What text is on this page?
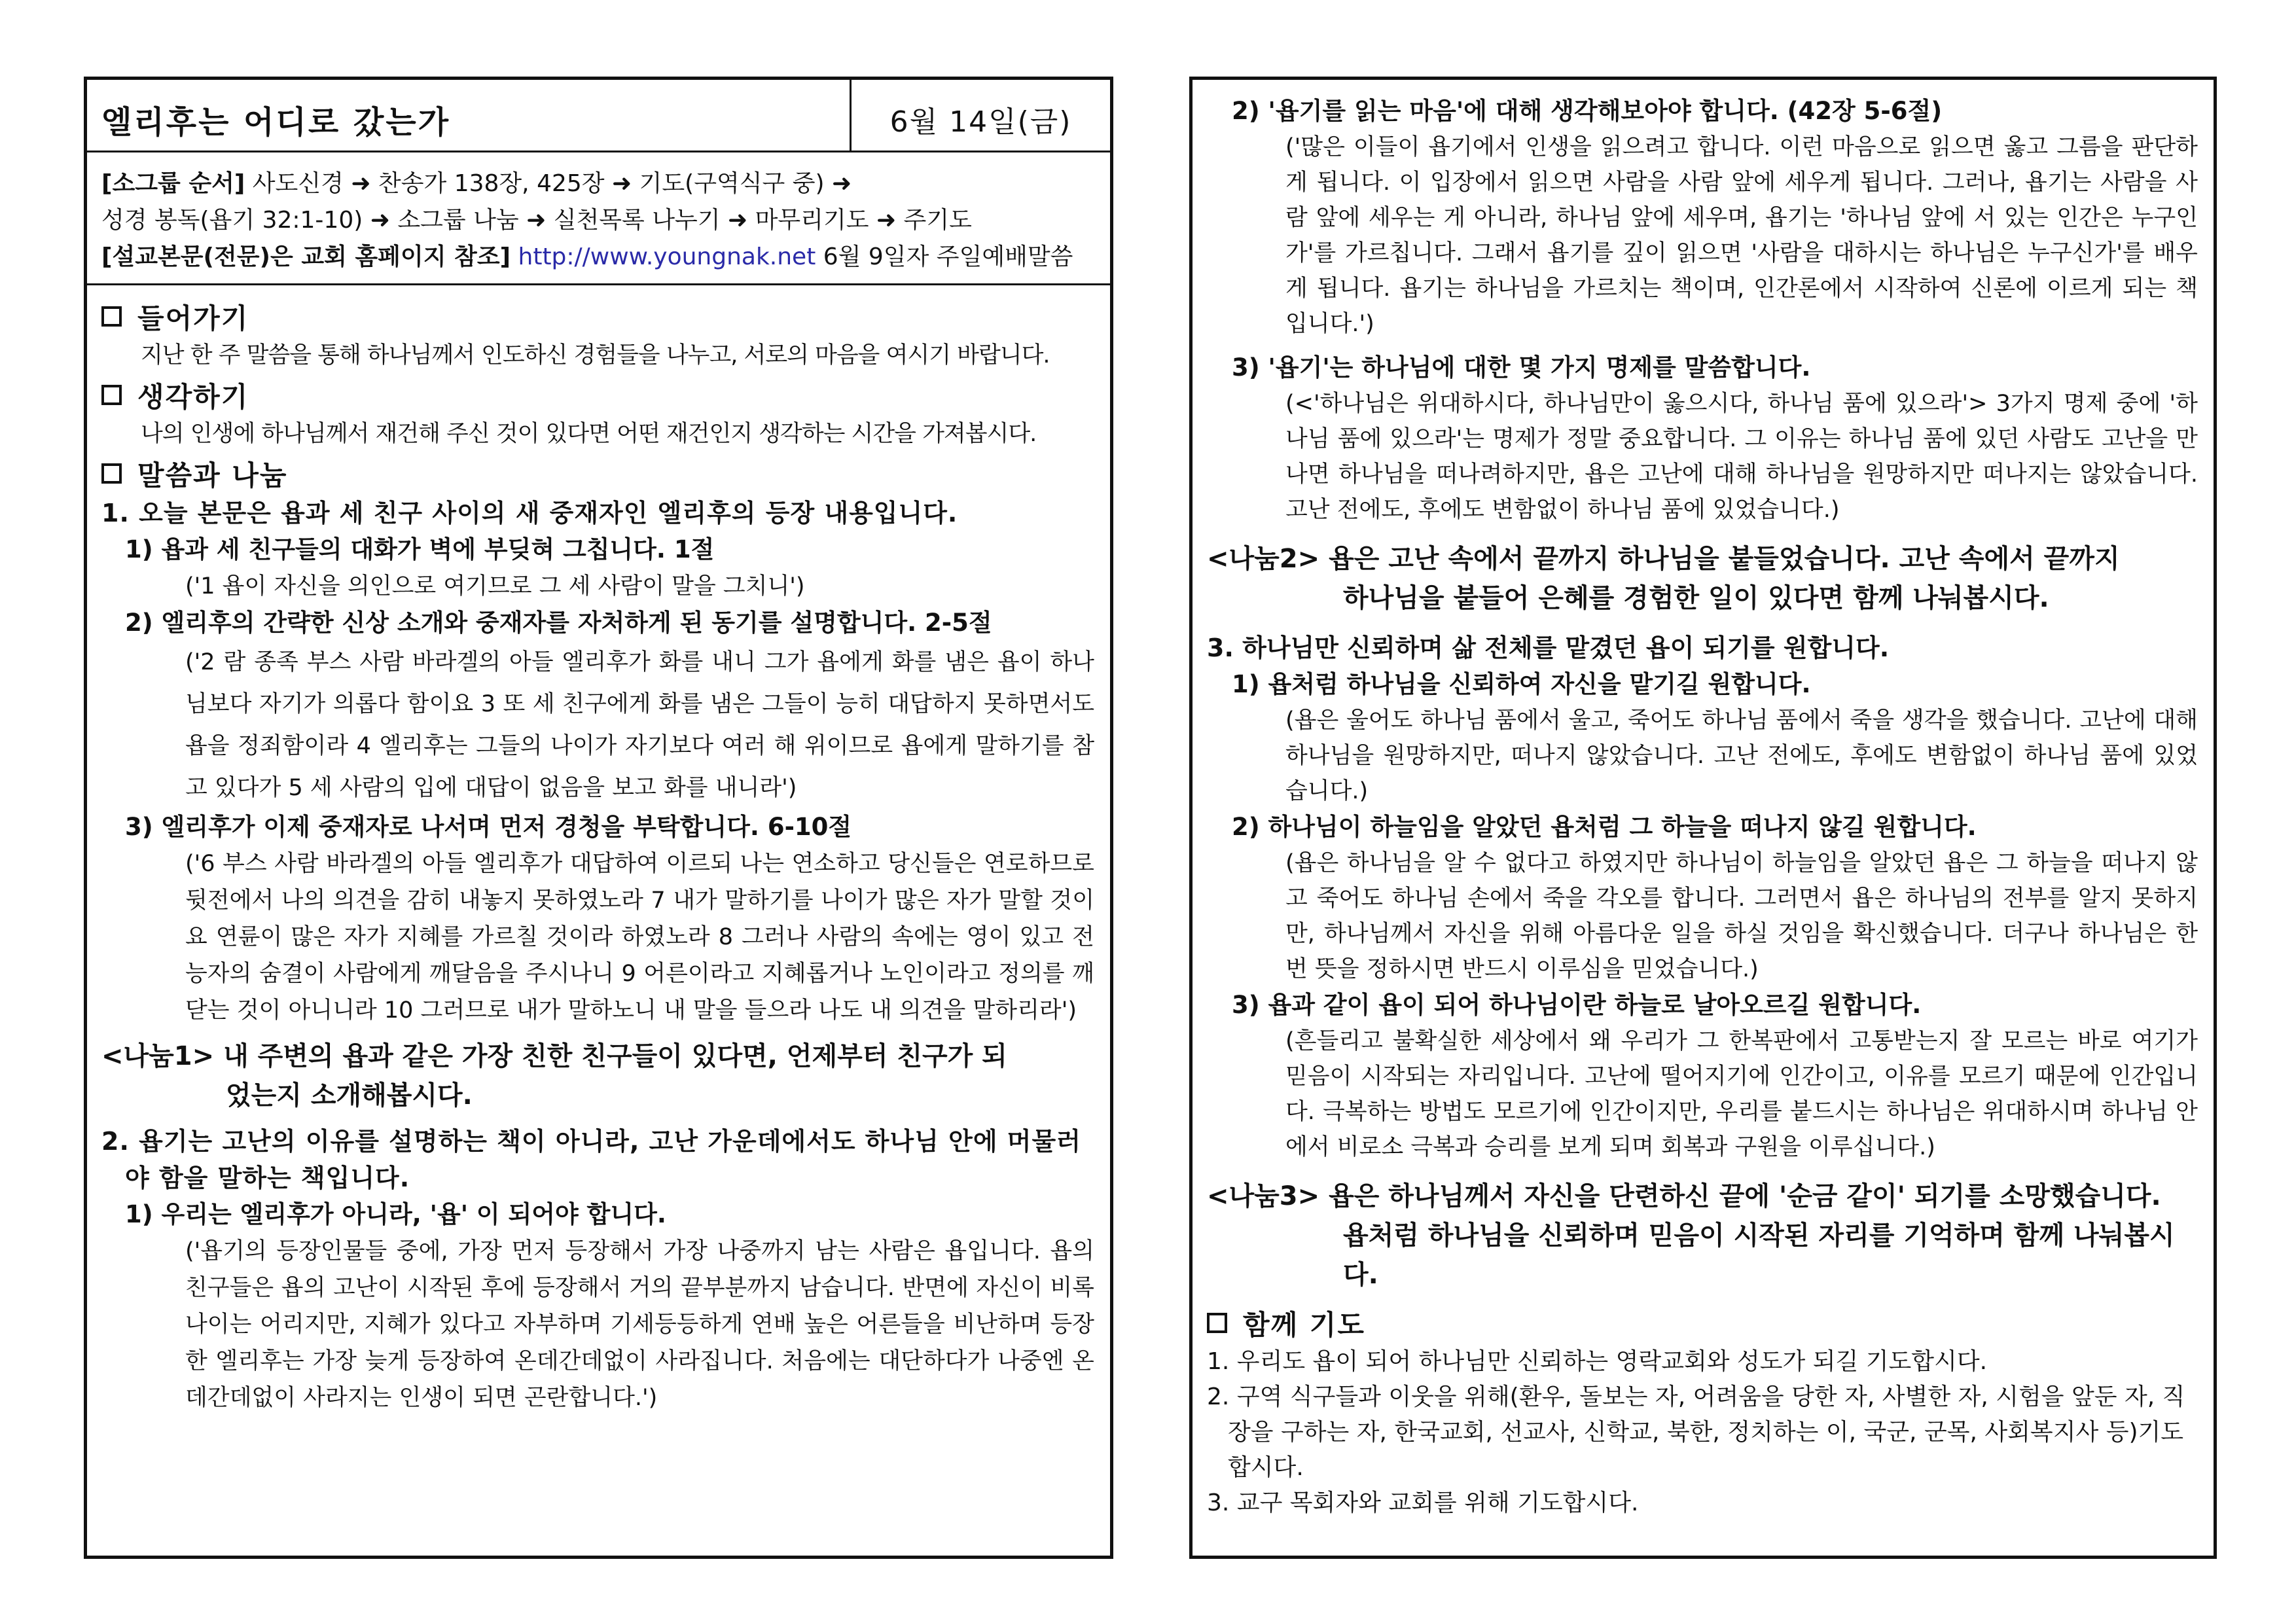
엘리후는 어디로 갔는가	6월 14일(금)
[소그룹 순서] 사도신경 ➜ 찬송가 138장, 425장 ➜ 기도(구역식구 중) ➜
성경 봉독(욥기 32:1-10) ➜ 소그룹 나눔 ➜ 실천목록 나누기 ➜ 마무리기도 ➜ 주기도
[설교본문(전문)은 교회 홈페이지 참조] http://www.youngnak.net 6월 9일자 주일예배말씀
들어가기
지난 한 주 말씀을 통해 하나님께서 인도하신 경험들을 나누고, 서로의 마음을 여시기 바랍니다.
생각하기
나의 인생에 하나님께서 재건해 주신 것이 있다면 어떤 재건인지 생각하는 시간을 가져봅시다.
말씀과 나눔
1. 오늘 본문은 욥과 세 친구 사이의 새 중재자인 엘리후의 등장 내용입니다.
1) 욥과 세 친구들의 대화가 벽에 부딪혀 그칩니다. 1절
('1 욥이 자신을 의인으로 여기므로 그 세 사람이 말을 그치니')
2) 엘리후의 간략한 신상 소개와 중재자를 자처하게 된 동기를 설명합니다. 2-5절
('2 람 종족 부스 사람 바라겔의 아들 엘리후가 화를 내니 그가 욥에게 화를 냄은 욥이 하나님보다 자기가 의롭다 함이요 3 또 세 친구에게 화를 냄은 그들이 능히 대답하지 못하면서도 욥을 정죄함이라 4 엘리후는 그들의 나이가 자기보다 여러 해 위이므로 욥에게 말하기를 참고 있다가 5 세 사람의 입에 대답이 없음을 보고 화를 내니라')
3) 엘리후가 이제 중재자로 나서며 먼저 경청을 부탁합니다. 6-10절
('6 부스 사람 바라겔의 아들 엘리후가 대답하여 이르되 나는 연소하고 당신들은 연로하므로 뒷전에서 나의 의견을 감히 내놓지 못하였노라 7 내가 말하기를 나이가 많은 자가 말할 것이요 연륜이 많은 자가 지혜를 가르칠 것이라 하였노라 8 그러나 사람의 속에는 영이 있고 전능자의 숨결이 사람에게 깨달음을 주시나니 9 어른이라고 지혜롭거나 노인이라고 정의를 깨닫는 것이 아니니라 10 그러므로 내가 말하노니 내 말을 들으라 나도 내 의견을 말하리라')
<나눔1> 내 주변의 욥과 같은 가장 친한 친구들이 있다면, 언제부터 친구가 되
었는지 소개해봅시다.
2. 욥기는 고난의 이유를 설명하는 책이 아니라, 고난 가운데에서도 하나님 안에 머물러야 함을 말하는 책입니다.
1) 우리는 엘리후가 아니라, '욥' 이 되어야 합니다.
('욥기의 등장인물들 중에, 가장 먼저 등장해서 가장 나중까지 남는 사람은 욥입니다. 욥의 친구들은 욥의 고난이 시작된 후에 등장해서 거의 끝부분까지 남습니다. 반면에 자신이 비록 나이는 어리지만, 지혜가 있다고 자부하며 기세등등하게 연배 높은 어른들을 비난하며 등장한 엘리후는 가장 늦게 등장하여 온데간데없이 사라집니다. 처음에는 대단하다가 나중엔 온데간데없이 사라지는 인생이 되면 곤란합니다.')
2) '욥기를 읽는 마음'에 대해 생각해보아야 합니다. (42장 5-6절)
('많은 이들이 욥기에서 인생을 읽으려고 합니다. 이런 마음으로 읽으면 옳고 그름을 판단하게 됩니다. 이 입장에서 읽으면 사람을 사람 앞에 세우게 됩니다. 그러나, 욥기는 사람을 사람 앞에 세우는 게 아니라, 하나님 앞에 세우며, 욥기는 '하나님 앞에 서 있는 인간은 누구인가'를 가르칩니다. 그래서 욥기를 깊이 읽으면 '사람을 대하시는 하나님은 누구신가'를 배우게 됩니다. 욥기는 하나님을 가르치는 책이며, 인간론에서 시작하여 신론에 이르게 되는 책입니다.')
3) '욥기'는 하나님에 대한 몇 가지 명제를 말씀합니다.
(<'하나님은 위대하시다, 하나님만이 옳으시다, 하나님 품에 있으라'> 3가지 명제 중에 '하나님 품에 있으라'는 명제가 정말 중요합니다. 그 이유는 하나님 품에 있던 사람도 고난을 만나면 하나님을 떠나려하지만, 욥은 고난에 대해 하나님을 원망하지만 떠나지는 않았습니다. 고난 전에도, 후에도 변함없이 하나님 품에 있었습니다.)
<나눔2> 욥은 고난 속에서 끝까지 하나님을 붙들었습니다. 고난 속에서 끝까지
하나님을 붙들어 은혜를 경험한 일이 있다면 함께 나눠봅시다.
3. 하나님만 신뢰하며 삶 전체를 맡겼던 욥이 되기를 원합니다.
1) 욥처럼 하나님을 신뢰하여 자신을 맡기길 원합니다.
(욥은 울어도 하나님 품에서 울고, 죽어도 하나님 품에서 죽을 생각을 했습니다. 고난에 대해 하나님을 원망하지만, 떠나지 않았습니다. 고난 전에도, 후에도 변함없이 하나님 품에 있었습니다.)
2) 하나님이 하늘임을 알았던 욥처럼 그 하늘을 떠나지 않길 원합니다.
(욥은 하나님을 알 수 없다고 하였지만 하나님이 하늘임을 알았던 욥은 그 하늘을 떠나지 않고 죽어도 하나님 손에서 죽을 각오를 합니다. 그러면서 욥은 하나님의 전부를 알지 못하지만, 하나님께서 자신을 위해 아름다운 일을 하실 것임을 확신했습니다. 더구나 하나님은 한 번 뜻을 정하시면 반드시 이루심을 믿었습니다.)
3) 욥과 같이 욥이 되어 하나님이란 하늘로 날아오르길 원합니다.
(흔들리고 불확실한 세상에서 왜 우리가 그 한복판에서 고통받는지 잘 모르는 바로 여기가 믿음이 시작되는 자리입니다. 고난에 떨어지기에 인간이고, 이유를 모르기 때문에 인간입니다. 극복하는 방법도 모르기에 인간이지만, 우리를 붙드시는 하나님은 위대하시며 하나님 안에서 비로소 극복과 승리를 보게 되며 회복과 구원을 이루십니다.)
<나눔3> 욥은 하나님께서 자신을 단련하신 끝에 '순금 같이' 되기를 소망했습니다.
욥처럼 하나님을 신뢰하며 믿음이 시작된 자리를 기억하며 함께 나눠봅시다.
함께 기도
1. 우리도 욥이 되어 하나님만 신뢰하는 영락교회와 성도가 되길 기도합시다.
2. 구역 식구들과 이웃을 위해(환우, 돌보는 자, 어려움을 당한 자, 사별한 자, 시험을 앞둔 자, 직장을 구하는 자, 한국교회, 선교사, 신학교, 북한, 정치하는 이, 국군, 군목, 사회복지사 등)기도합시다.
3. 교구 목회자와 교회를 위해 기도합시다.
